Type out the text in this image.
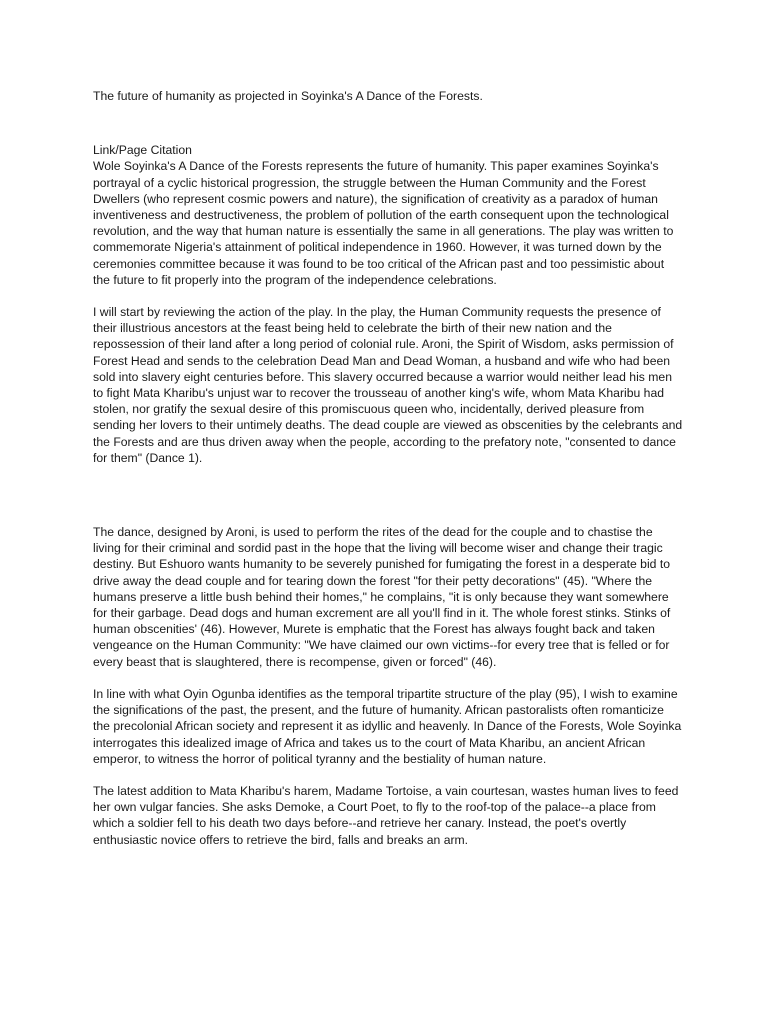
The future of humanity as projected in Soyinka's A Dance of the Forests.
Link/Page Citation

Wole Soyinka's A Dance of the Forests represents the future of humanity. This paper examines Soyinka's portrayal of a cyclic historical progression, the struggle between the Human Community and the Forest Dwellers (who represent cosmic powers and nature), the signification of creativity as a paradox of human inventiveness and destructiveness, the problem of pollution of the earth consequent upon the technological revolution, and the way that human nature is essentially the same in all generations. The play was written to commemorate Nigeria's attainment of political independence in 1960. However, it was turned down by the ceremonies committee because it was found to be too critical of the African past and too pessimistic about the future to fit properly into the program of the independence celebrations.

I will start by reviewing the action of the play. In the play, the Human Community requests the presence of their illustrious ancestors at the feast being held to celebrate the birth of their new nation and the repossession of their land after a long period of colonial rule. Aroni, the Spirit of Wisdom, asks permission of Forest Head and sends to the celebration Dead Man and Dead Woman, a husband and wife who had been sold into slavery eight centuries before. This slavery occurred because a warrior would neither lead his men to fight Mata Kharibu's unjust war to recover the trousseau of another king's wife, whom Mata Kharibu had stolen, nor gratify the sexual desire of this promiscuous queen who, incidentally, derived pleasure from sending her lovers to their untimely deaths. The dead couple are viewed as obscenities by the celebrants and the Forests and are thus driven away when the people, according to the prefatory note, "consented to dance for them" (Dance 1).

The dance, designed by Aroni, is used to perform the rites of the dead for the couple and to chastise the living for their criminal and sordid past in the hope that the living will become wiser and change their tragic destiny. But Eshuoro wants humanity to be severely punished for fumigating the forest in a desperate bid to drive away the dead couple and for tearing down the forest "for their petty decorations" (45). "Where the humans preserve a little bush behind their homes," he complains, "it is only because they want somewhere for their garbage. Dead dogs and human excrement are all you'll find in it. The whole forest stinks. Stinks of human obscenities' (46). However, Murete is emphatic that the Forest has always fought back and taken vengeance on the Human Community: "We have claimed our own victims--for every tree that is felled or for every beast that is slaughtered, there is recompense, given or forced" (46).

In line with what Oyin Ogunba identifies as the temporal tripartite structure of the play (95), I wish to examine the significations of the past, the present, and the future of humanity. African pastoralists often romanticize the precolonial African society and represent it as idyllic and heavenly. In Dance of the Forests, Wole Soyinka interrogates this idealized image of Africa and takes us to the court of Mata Kharibu, an ancient African emperor, to witness the horror of political tyranny and the bestiality of human nature.

The latest addition to Mata Kharibu's harem, Madame Tortoise, a vain courtesan, wastes human lives to feed her own vulgar fancies. She asks Demoke, a Court Poet, to fly to the roof-top of the palace--a place from which a soldier fell to his death two days before--and retrieve her canary. Instead, the poet's overtly enthusiastic novice offers to retrieve the bird, falls and breaks an arm.
